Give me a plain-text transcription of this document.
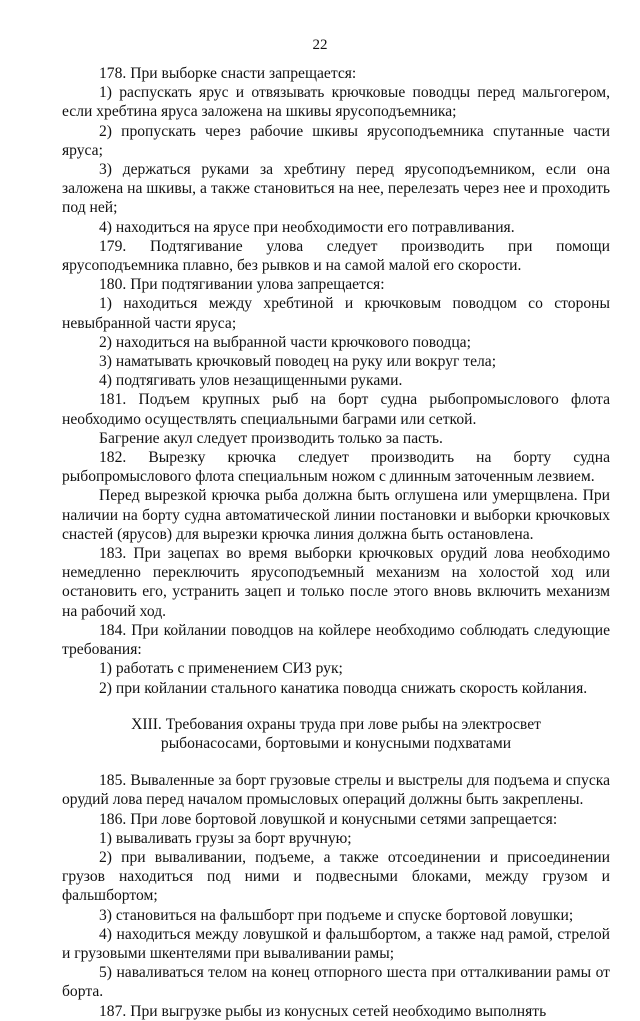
22

178. При выборке снасти запрещается:

1) распускать ярус и отвязывать крючковые поводцы перед мальгогером, если хребтина яруса заложена на шкивы ярусоподъемника;

2) пропускать через рабочие шкивы ярусоподъемника спутанные части яруса;

3) держаться руками за хребтину перед ярусоподъемником, если она заложена на шкивы, а также становиться на нее, перелезать через нее и проходить под ней;

4) находиться на ярусе при необходимости его потравливания.

179. Подтягивание улова следует производить при помощи ярусоподъемника плавно, без рывков и на самой малой его скорости.

180. При подтягивании улова запрещается:

1) находиться между хребтиной и крючковым поводцом со стороны невыбранной части яруса;

2) находиться на выбранной части крючкового поводца;

3) наматывать крючковый поводец на руку или вокруг тела;

4) подтягивать улов незащищенными руками.

181. Подъем крупных рыб на борт судна рыбопромыслового флота необходимо осуществлять специальными баграми или сеткой.

Багрение акул следует производить только за пасть.

182. Вырезку крючка следует производить на борту судна рыбопромыслового флота специальным ножом с длинным заточенным лезвием.

Перед вырезкой крючка рыба должна быть оглушена или умерщвлена. При наличии на борту судна автоматической линии постановки и выборки крючковых снастей (ярусов) для вырезки крючка линия должна быть остановлена.

183. При зацепах во время выборки крючковых орудий лова необходимо немедленно переключить ярусоподъемный механизм на холостой ход или остановить его, устранить зацеп и только после этого вновь включить механизм на рабочий ход.

184. При койлании поводцов на койлере необходимо соблюдать следующие требования:

1) работать с применением СИЗ рук;

2) при койлании стального канатика поводца снижать скорость койлания.

XIII. Требования охраны труда при лове рыбы на электросвет

рыбонасосами, бортовыми и конусными подхватами

185. Вываленные за борт грузовые стрелы и выстрелы для подъема и спуска орудий лова перед началом промысловых операций должны быть закреплены.

186. При лове бортовой ловушкой и конусными сетями запрещается:

1) вываливать грузы за борт вручную;

2) при вываливании, подъеме, а также отсоединении и присоединении грузов находиться под ними и подвесными блоками, между грузом и фальшбортом;

3) становиться на фальшборт при подъеме и спуске бортовой ловушки;

4) находиться между ловушкой и фальшбортом, а также над рамой, стрелой и грузовыми шкентелями при вываливании рамы;

5) наваливаться телом на конец отпорного шеста при отталкивании рамы от борта.

187. При выгрузке рыбы из конусных сетей необходимо выполнять
